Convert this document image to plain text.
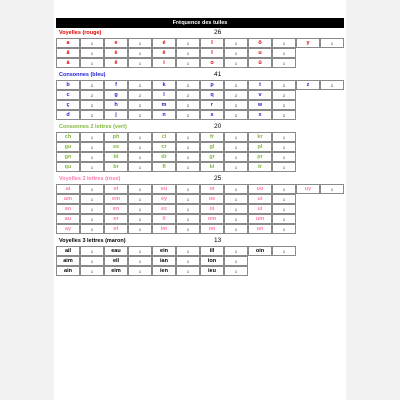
Fréquence des tuiles
Voyelles (rouge)	26
a	1	e	1	é	1	î	1	ô	1	y	1
â	1	è	1	ë	1	ï	1	u	1
à	1	ê	1	i	1	o	1	û	1
Consonnes (bleu)	41
b	2	f	2	k	2	p	2	t	2	z	2
c	2	g	2	l	2	q	2	v	2
ç	2	h	2	m	2	r	2	w	2
d	2	j	2	n	2	s	2	x	2
Consonnes 2 lettres (vert)	20
ch	1	ph	1	cl	1	fr	1	kr	1
gu	1	ss	1	cr	1	gl	1	pl	1
gn	1	bl	1	dr	1	gr	1	pr	1
qu	1	br	1	fl	1	kl	1	tr	1
Voyelles 2 lettres (rose)	25
ai	1	ei	1	eu	1	oi	1	ou	1	uy	1
am	1	em	1	ey	1	oe	1	ui	1
an	1	en	1	ez	1	oi	1	ui	1
au	1	er	1	il	1	om	1	um	1
ay	1	et	1	im	1	on	1	un	1
Voyelles 3 lettres (maron)	13
ail	1	eau	1	ein	1	ill	1	oin	1
aim	1	eil	1	ian	1	ion	1
ain	1	eim	1	ien	1	ieu	1
